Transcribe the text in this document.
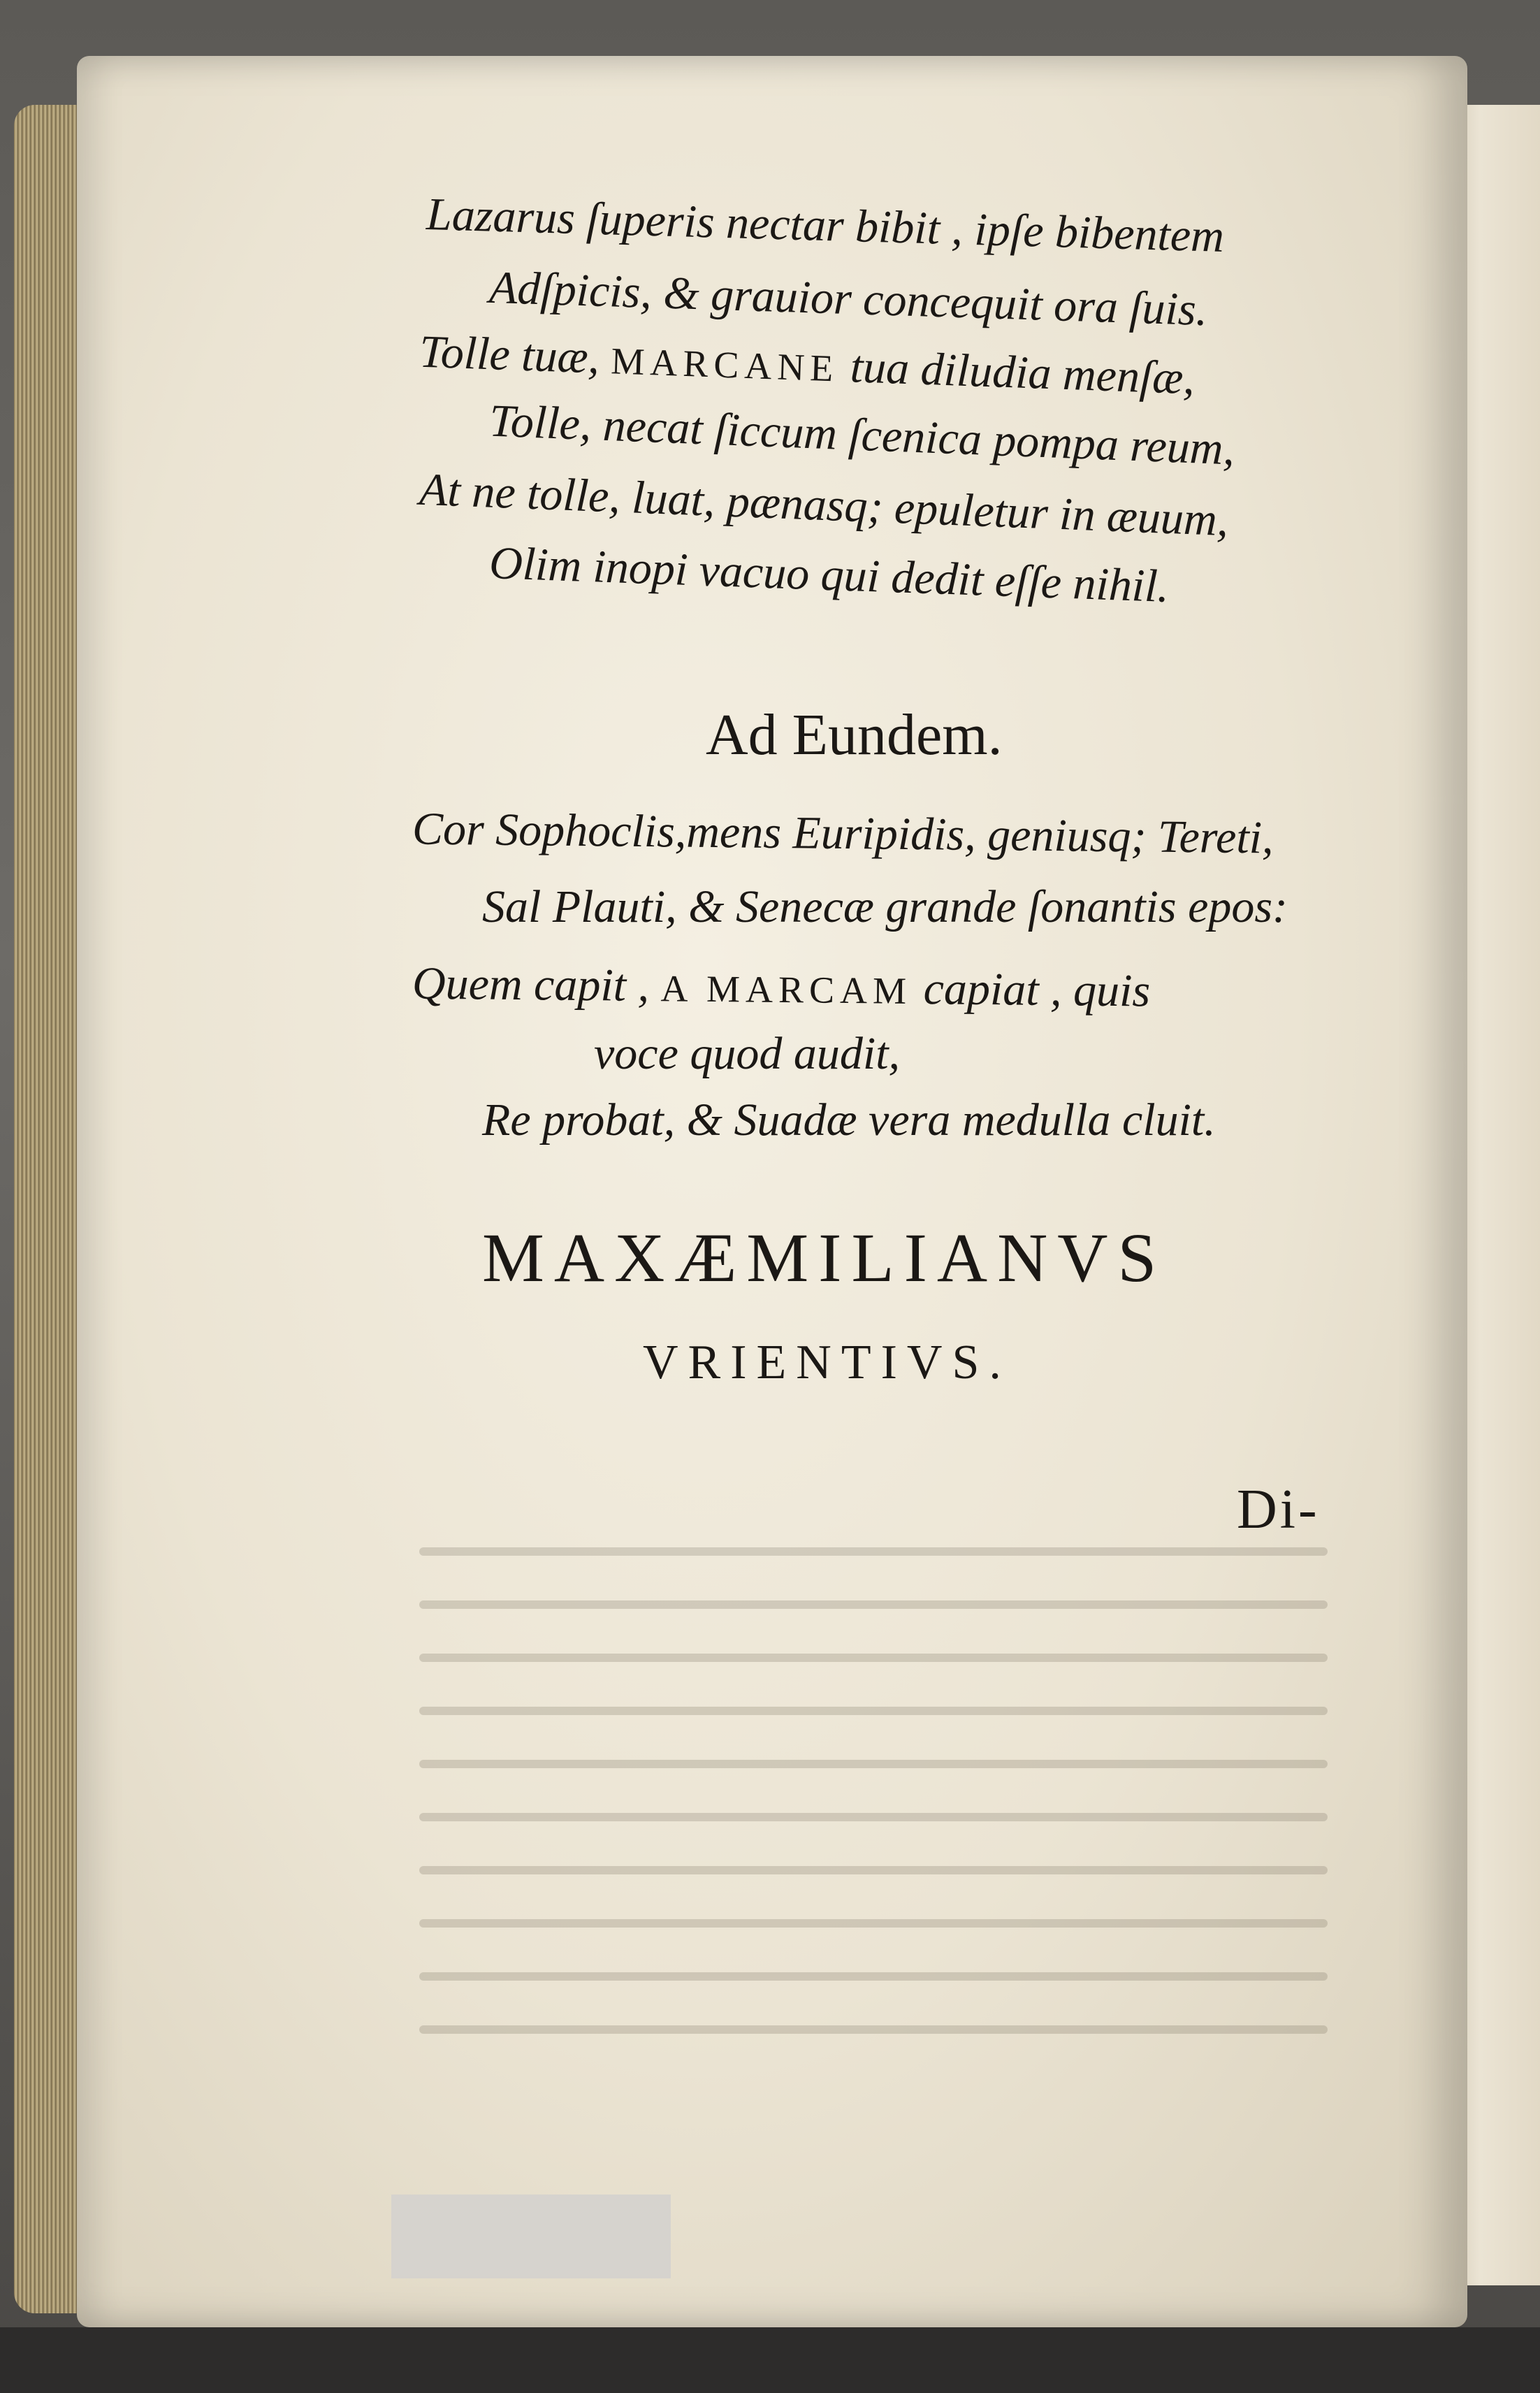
Lazarus ſuperis nectar bibit , ipſe bibentem
Adſpicis, & grauior concequit ora ſuis.
Tolle tuæ, MARCANE tua diludia menſæ,
Tolle, necat ſiccum ſcenica pompa reum,
At ne tolle, luat, pænasq; epuletur in æuum,
Olim inopi vacuo qui dedit eſſe nihil.
Ad Eundem.
Cor Sophoclis,mens Euripidis, geniusq; Tereti,
Sal Plauti, & Senecæ grande ſonantis epos:
Quem capit , A MARCAM capiat , quis
voce quod audit,
Re probat, & Suadæ vera medulla cluit.
MAXÆMILIANVS
VRIENTIVS.
Di-
